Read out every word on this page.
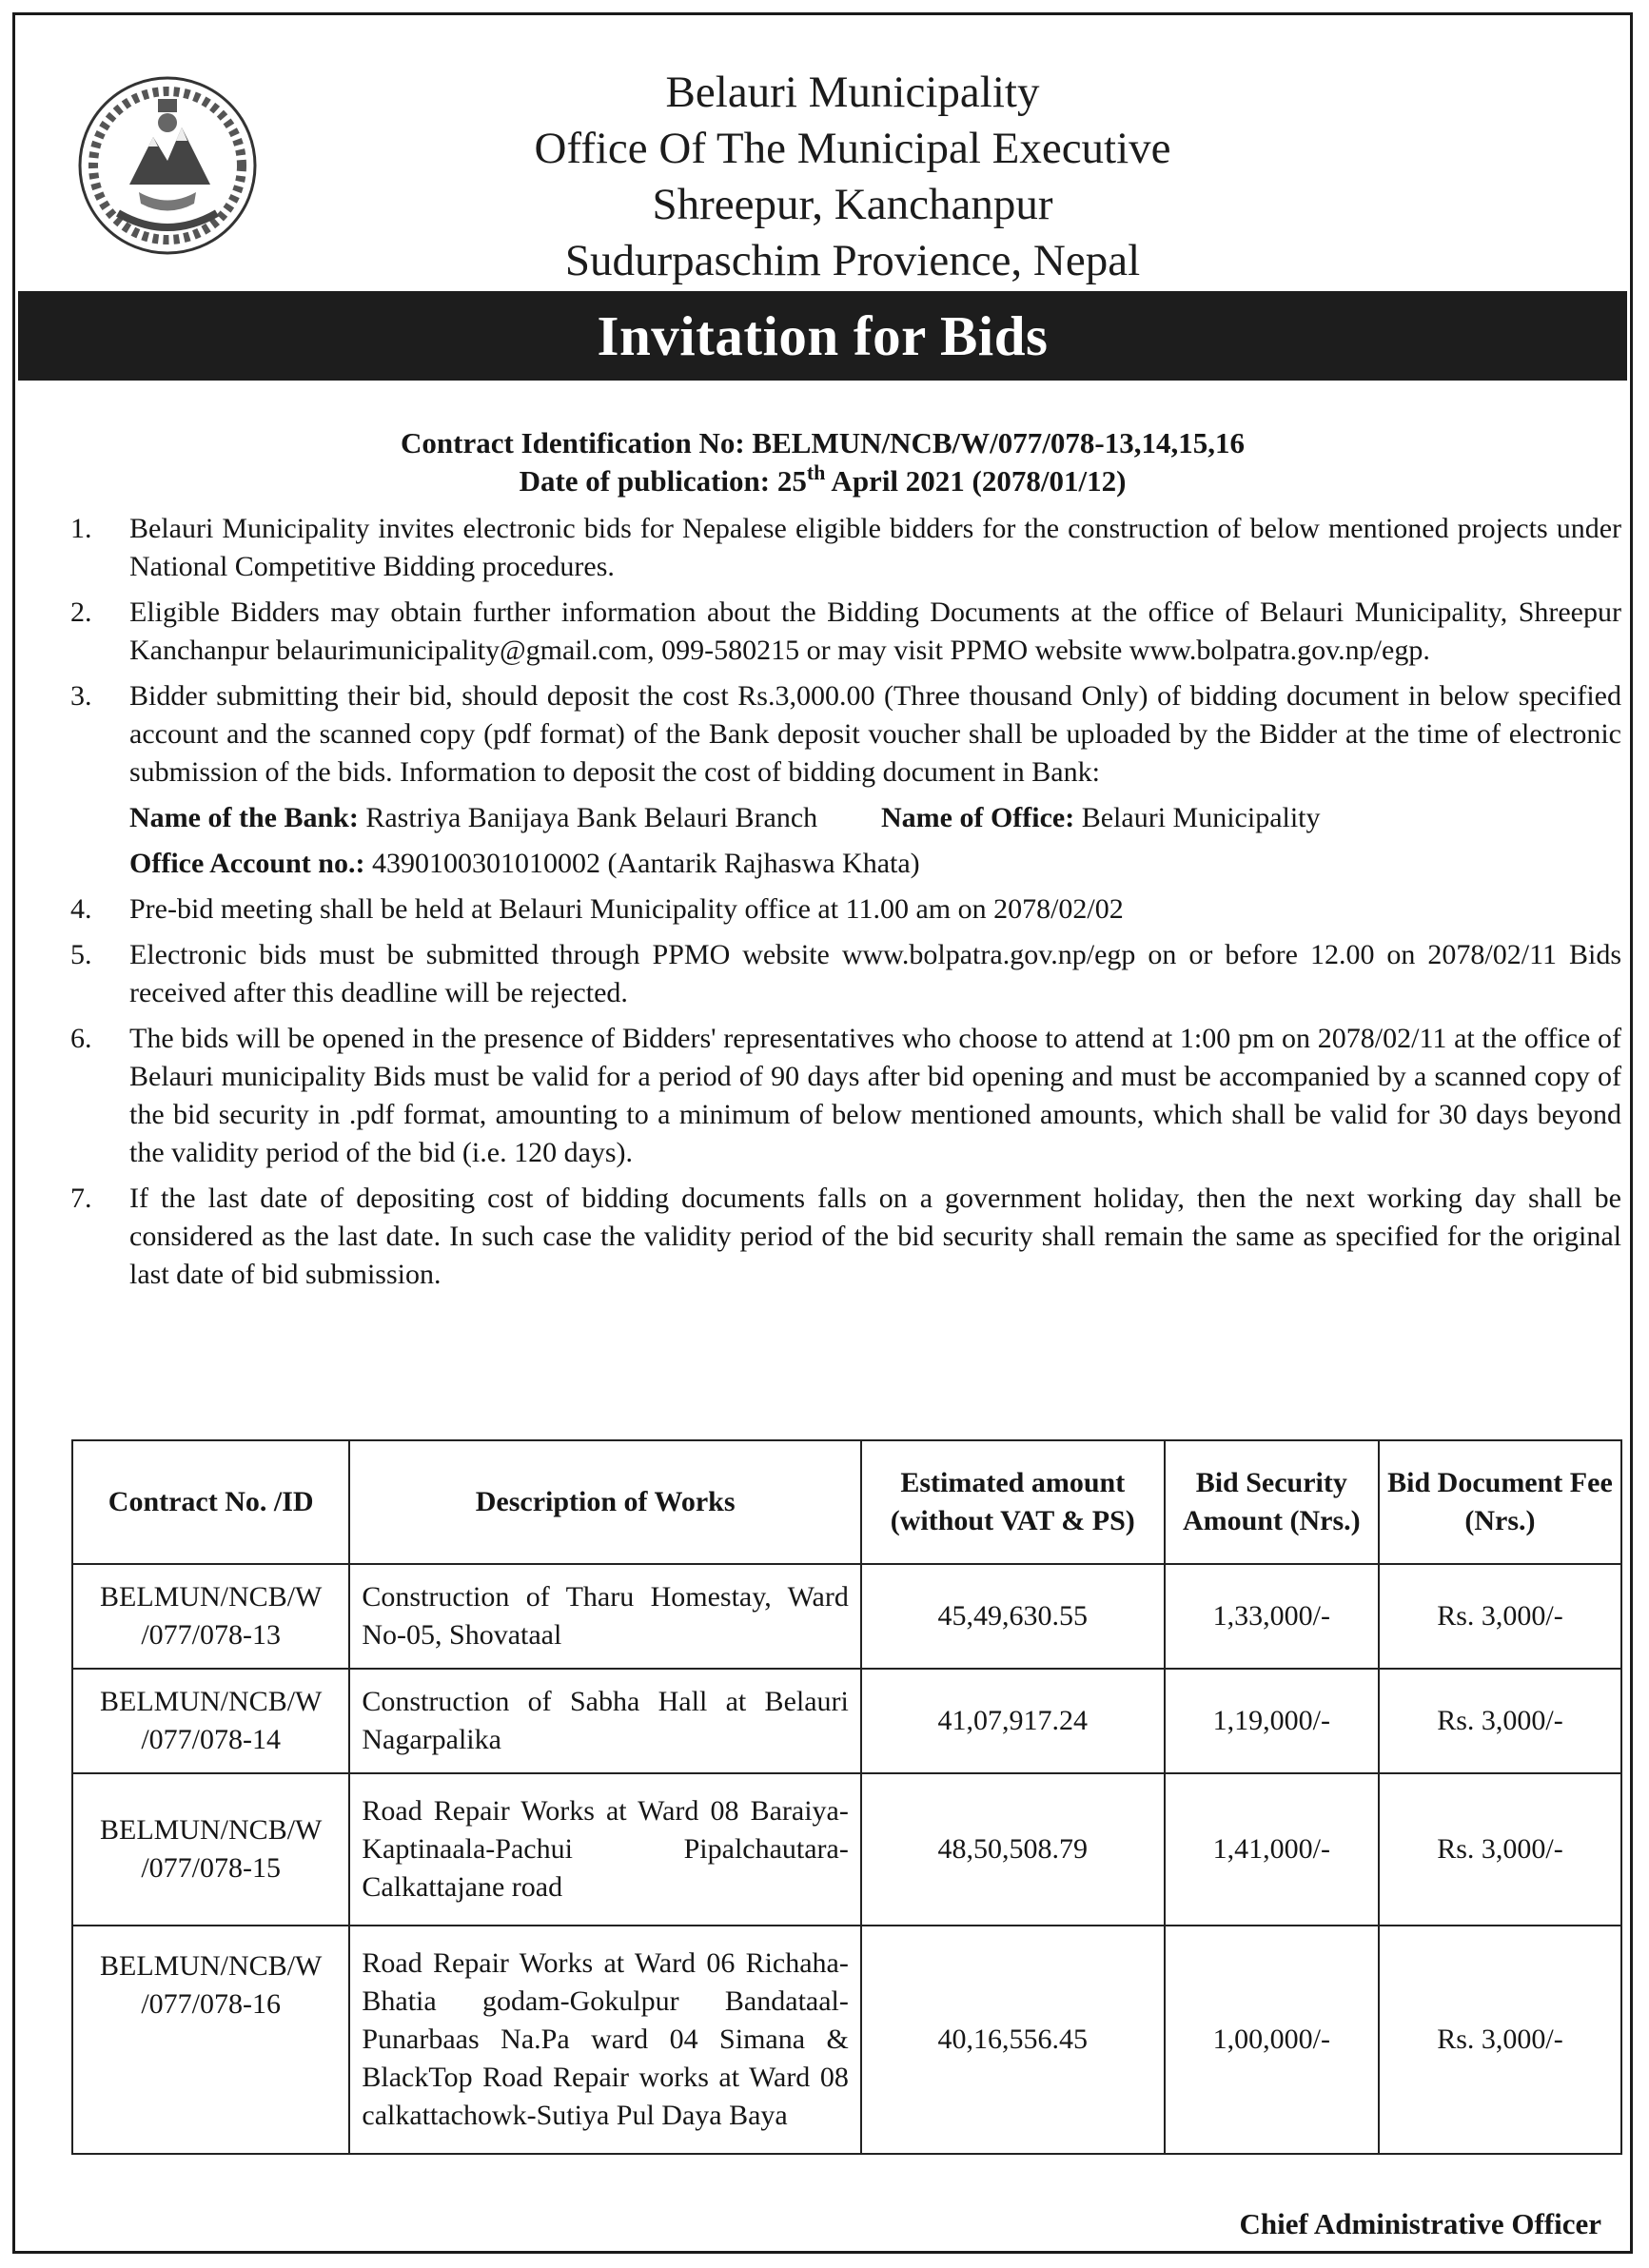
Belauri Municipality
Office Of The Municipal Executive
Shreepur, Kanchanpur
Sudurpaschim Provience, Nepal
Invitation for Bids
Contract Identification No: BELMUN/NCB/W/077/078-13,14,15,16
Date of publication: 25th April 2021 (2078/01/12)
1. Belauri Municipality invites electronic bids for Nepalese eligible bidders for the construction of below mentioned projects under National Competitive Bidding procedures.
2. Eligible Bidders may obtain further information about the Bidding Documents at the office of Belauri Municipality, Shreepur Kanchanpur belaurimunicipality@gmail.com, 099-580215 or may visit PPMO website www.bolpatra.gov.np/egp.
3. Bidder submitting their bid, should deposit the cost Rs.3,000.00 (Three thousand Only) of bidding document in below specified account and the scanned copy (pdf format) of the Bank deposit voucher shall be uploaded by the Bidder at the time of electronic submission of the bids. Information to deposit the cost of bidding document in Bank:
Name of the Bank: Rastriya Banijaya Bank Belauri Branch	Name of Office: Belauri Municipality
Office Account no.: 4390100301010002 (Aantarik Rajhaswa Khata)
4. Pre-bid meeting shall be held at Belauri Municipality office at 11.00 am on 2078/02/02
5. Electronic bids must be submitted through PPMO website www.bolpatra.gov.np/egp on or before 12.00 on 2078/02/11 Bids received after this deadline will be rejected.
6. The bids will be opened in the presence of Bidders' representatives who choose to attend at 1:00 pm on 2078/02/11 at the office of Belauri municipality Bids must be valid for a period of 90 days after bid opening and must be accompanied by a scanned copy of the bid security in .pdf format, amounting to a minimum of below mentioned amounts, which shall be valid for 30 days beyond the validity period of the bid (i.e. 120 days).
7. If the last date of depositing cost of bidding documents falls on a government holiday, then the next working day shall be considered as the last date. In such case the validity period of the bid security shall remain the same as specified for the original last date of bid submission.
Contract No. /ID	Description of Works	Estimated amount (without VAT & PS)	Bid Security Amount (Nrs.)	Bid Document Fee (Nrs.)
BELMUN/NCB/W /077/078-13	Construction of Tharu Homestay, Ward No-05, Shovataal	45,49,630.55	1,33,000/-	Rs. 3,000/-
BELMUN/NCB/W /077/078-14	Construction of Sabha Hall at Belauri Nagarpalika	41,07,917.24	1,19,000/-	Rs. 3,000/-
BELMUN/NCB/W /077/078-15	Road Repair Works at Ward 08 Baraiya-Kaptinaala-Pachui Pipalchautara-Calkattajane road	48,50,508.79	1,41,000/-	Rs. 3,000/-
BELMUN/NCB/W /077/078-16	Road Repair Works at Ward 06 Richaha-Bhatia godam-Gokulpur Bandataal-Punarbaas Na.Pa ward 04 Simana & BlackTop Road Repair works at Ward 08 calkattachowk-Sutiya Pul Daya Baya	40,16,556.45	1,00,000/-	Rs. 3,000/-
Chief Administrative Officer
